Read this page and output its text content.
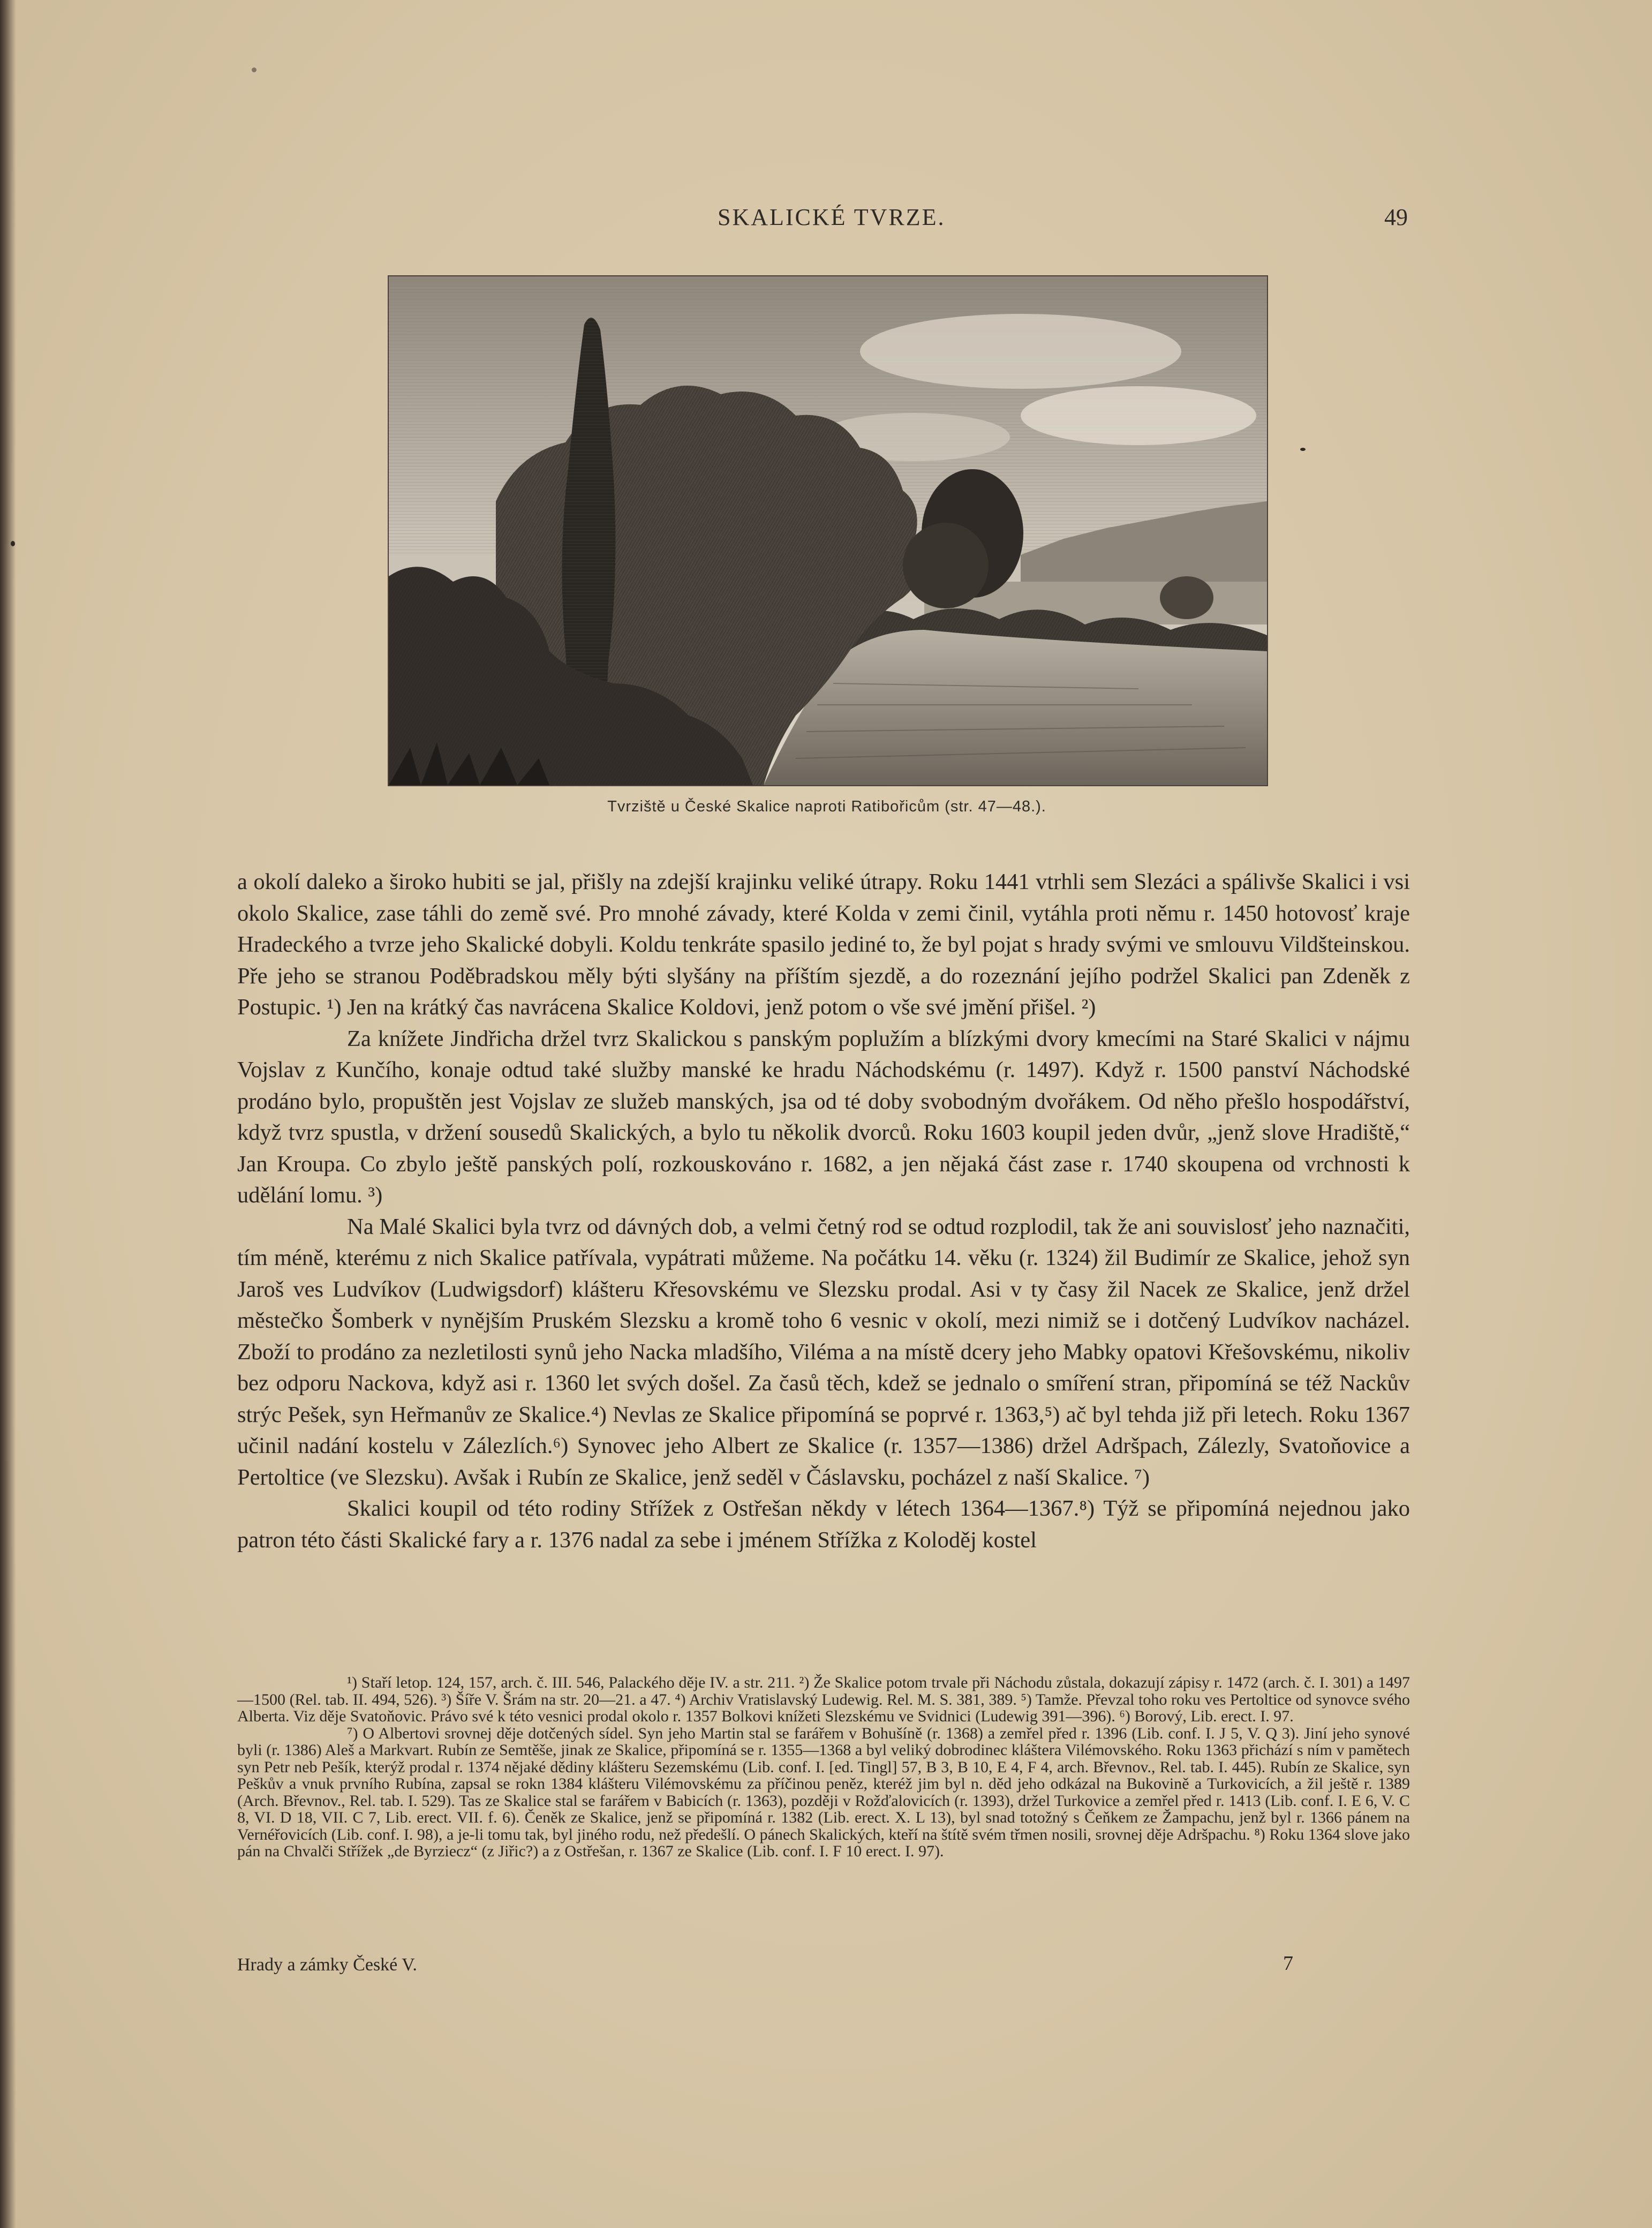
SKALICKÉ TVRZE.	49
Tvrziště u České Skalice naproti Ratibořicům (str. 47—48.).

a okolí daleko a široko hubiti se jal, přišly na zdejší krajinku veliké útrapy. Roku 1441 vtrhli sem Slezáci a spálivše Skalici i vsi okolo Skalice, zase táhli do země své. Pro mnohé závady, které Kolda v zemi činil, vytáhla proti němu r. 1450 hotovosť kraje Hradeckého a tvrze jeho Skalické dobyli. Koldu tenkráte spasilo jediné to, že byl pojat s hrady svými ve smlouvu Vildšteinskou. Pře jeho se stranou Poděbradskou měly býti slyšány na příštím sjezdě, a do rozeznání jejího podržel Skalici pan Zdeněk z Postupic. ¹) Jen na krátký čas navrácena Skalice Koldovi, jenž potom o vše své jmění přišel. ²)

Za knížete Jindřicha držel tvrz Skalickou s panským poplužím a blízkými dvory kmecími na Staré Skalici v nájmu Vojslav z Kunčího, konaje odtud také služby manské ke hradu Náchodskému (r. 1497). Když r. 1500 panství Náchodské prodáno bylo, propuštěn jest Vojslav ze služeb manských, jsa od té doby svobodným dvořákem. Od něho přešlo hospodářství, když tvrz spustla, v držení sousedů Skalických, a bylo tu několik dvorců. Roku 1603 koupil jeden dvůr, „jenž slove Hradiště,“ Jan Kroupa. Co zbylo ještě panských polí, rozkouskováno r. 1682, a jen nějaká část zase r. 1740 skoupena od vrchnosti k udělání lomu. ³)

Na Malé Skalici byla tvrz od dávných dob, a velmi četný rod se odtud rozplodil, tak že ani souvislosť jeho naznačiti, tím méně, kterému z nich Skalice patřívala, vypátrati můžeme. Na počátku 14. věku (r. 1324) žil Budimír ze Skalice, jehož syn Jaroš ves Ludvíkov (Ludwigsdorf) klášteru Křesovskému ve Slezsku prodal. Asi v ty časy žil Nacek ze Skalice, jenž držel městečko Šomberk v nynějším Pruském Slezsku a kromě toho 6 vesnic v okolí, mezi nimiž se i dotčený Ludvíkov nacházel. Zboží to prodáno za nezletilosti synů jeho Nacka mladšího, Viléma a na místě dcery jeho Mabky opatovi Křešovskému, nikoliv bez odporu Nackova, když asi r. 1360 let svých došel. Za časů těch, kdež se jednalo o smíření stran, připomíná se též Nackův strýc Pešek, syn Heřmanův ze Skalice.⁴) Nevlas ze Skalice připomíná se poprvé r. 1363,⁵) ač byl tehda již při letech. Roku 1367 učinil nadání kostelu v Zálezlích.⁶) Synovec jeho Albert ze Skalice (r. 1357—1386) držel Adršpach, Zálezly, Svatoňovice a Pertoltice (ve Slezsku). Avšak i Rubín ze Skalice, jenž seděl v Čáslavsku, pocházel z naší Skalice. ⁷)

Skalici koupil od této rodiny Střížek z Ostřešan někdy v létech 1364—1367.⁸) Týž se připomíná nejednou jako patron této části Skalické fary a r. 1376 nadal za sebe i jménem Střížka z Koloděj kostel

¹) Staří letop. 124, 157, arch. č. III. 546, Palackého děje IV. a str. 211. ²) Že Skalice potom trvale při Náchodu zůstala, dokazují zápisy r. 1472 (arch. č. I. 301) a 1497—1500 (Rel. tab. II. 494, 526). ³) Šíře V. Šrám na str. 20—21. a 47. ⁴) Archiv Vratislavský Ludewig. Rel. M. S. 381, 389. ⁵) Tamže. Převzal toho roku ves Pertoltice od synovce svého Alberta. Viz děje Svatoňovic. Právo své k této vesnici prodal okolo r. 1357 Bolkovi knížeti Slezskému ve Svidnici (Ludewig 391—396). ⁶) Borový, Lib. erect. I. 97.

⁷) O Albertovi srovnej děje dotčených sídel. Syn jeho Martin stal se farářem v Bohušíně (r. 1368) a zemřel před r. 1396 (Lib. conf. I. J 5, V. Q 3). Jiní jeho synové byli (r. 1386) Aleš a Markvart. Rubín ze Semtěše, jinak ze Skalice, připomíná se r. 1355—1368 a byl veliký dobrodinec kláštera Vilémovského. Roku 1363 přichází s ním v pamětech syn Petr neb Pešík, kterýž prodal r. 1374 nějaké dědiny klášteru Sezemskému (Lib. conf. I. [ed. Tingl] 57, B 3, B 10, E 4, F 4, arch. Břevnov., Rel. tab. I. 445). Rubín ze Skalice, syn Peškův a vnuk prvního Rubína, zapsal se rokn 1384 klášteru Vilémovskému za příčinou peněz, kteréž jim byl n. děd jeho odkázal na Bukovině a Turkovicích, a žil ještě r. 1389 (Arch. Břevnov., Rel. tab. I. 529). Tas ze Skalice stal se farářem v Babicích (r. 1363), později v Rožďalovicích (r. 1393), držel Turkovice a zemřel před r. 1413 (Lib. conf. I. E 6, V. C 8, VI. D 18, VII. C 7, Lib. erect. VII. f. 6). Čeněk ze Skalice, jenž se připomíná r. 1382 (Lib. erect. X. L 13), byl snad totožný s Čeňkem ze Žampachu, jenž byl r. 1366 pánem na Vernéřovicích (Lib. conf. I. 98), a je-li tomu tak, byl jiného rodu, než předešlí. O pánech Skalických, kteří na štítě svém třmen nosili, srovnej děje Adršpachu. ⁸) Roku 1364 slove jako pán na Chvalči Střížek „de Byrziecz“ (z Jiřic?) a z Ostřešan, r. 1367 ze Skalice (Lib. conf. I. F 10 erect. I. 97).

Hrady a zámky České V.	7
